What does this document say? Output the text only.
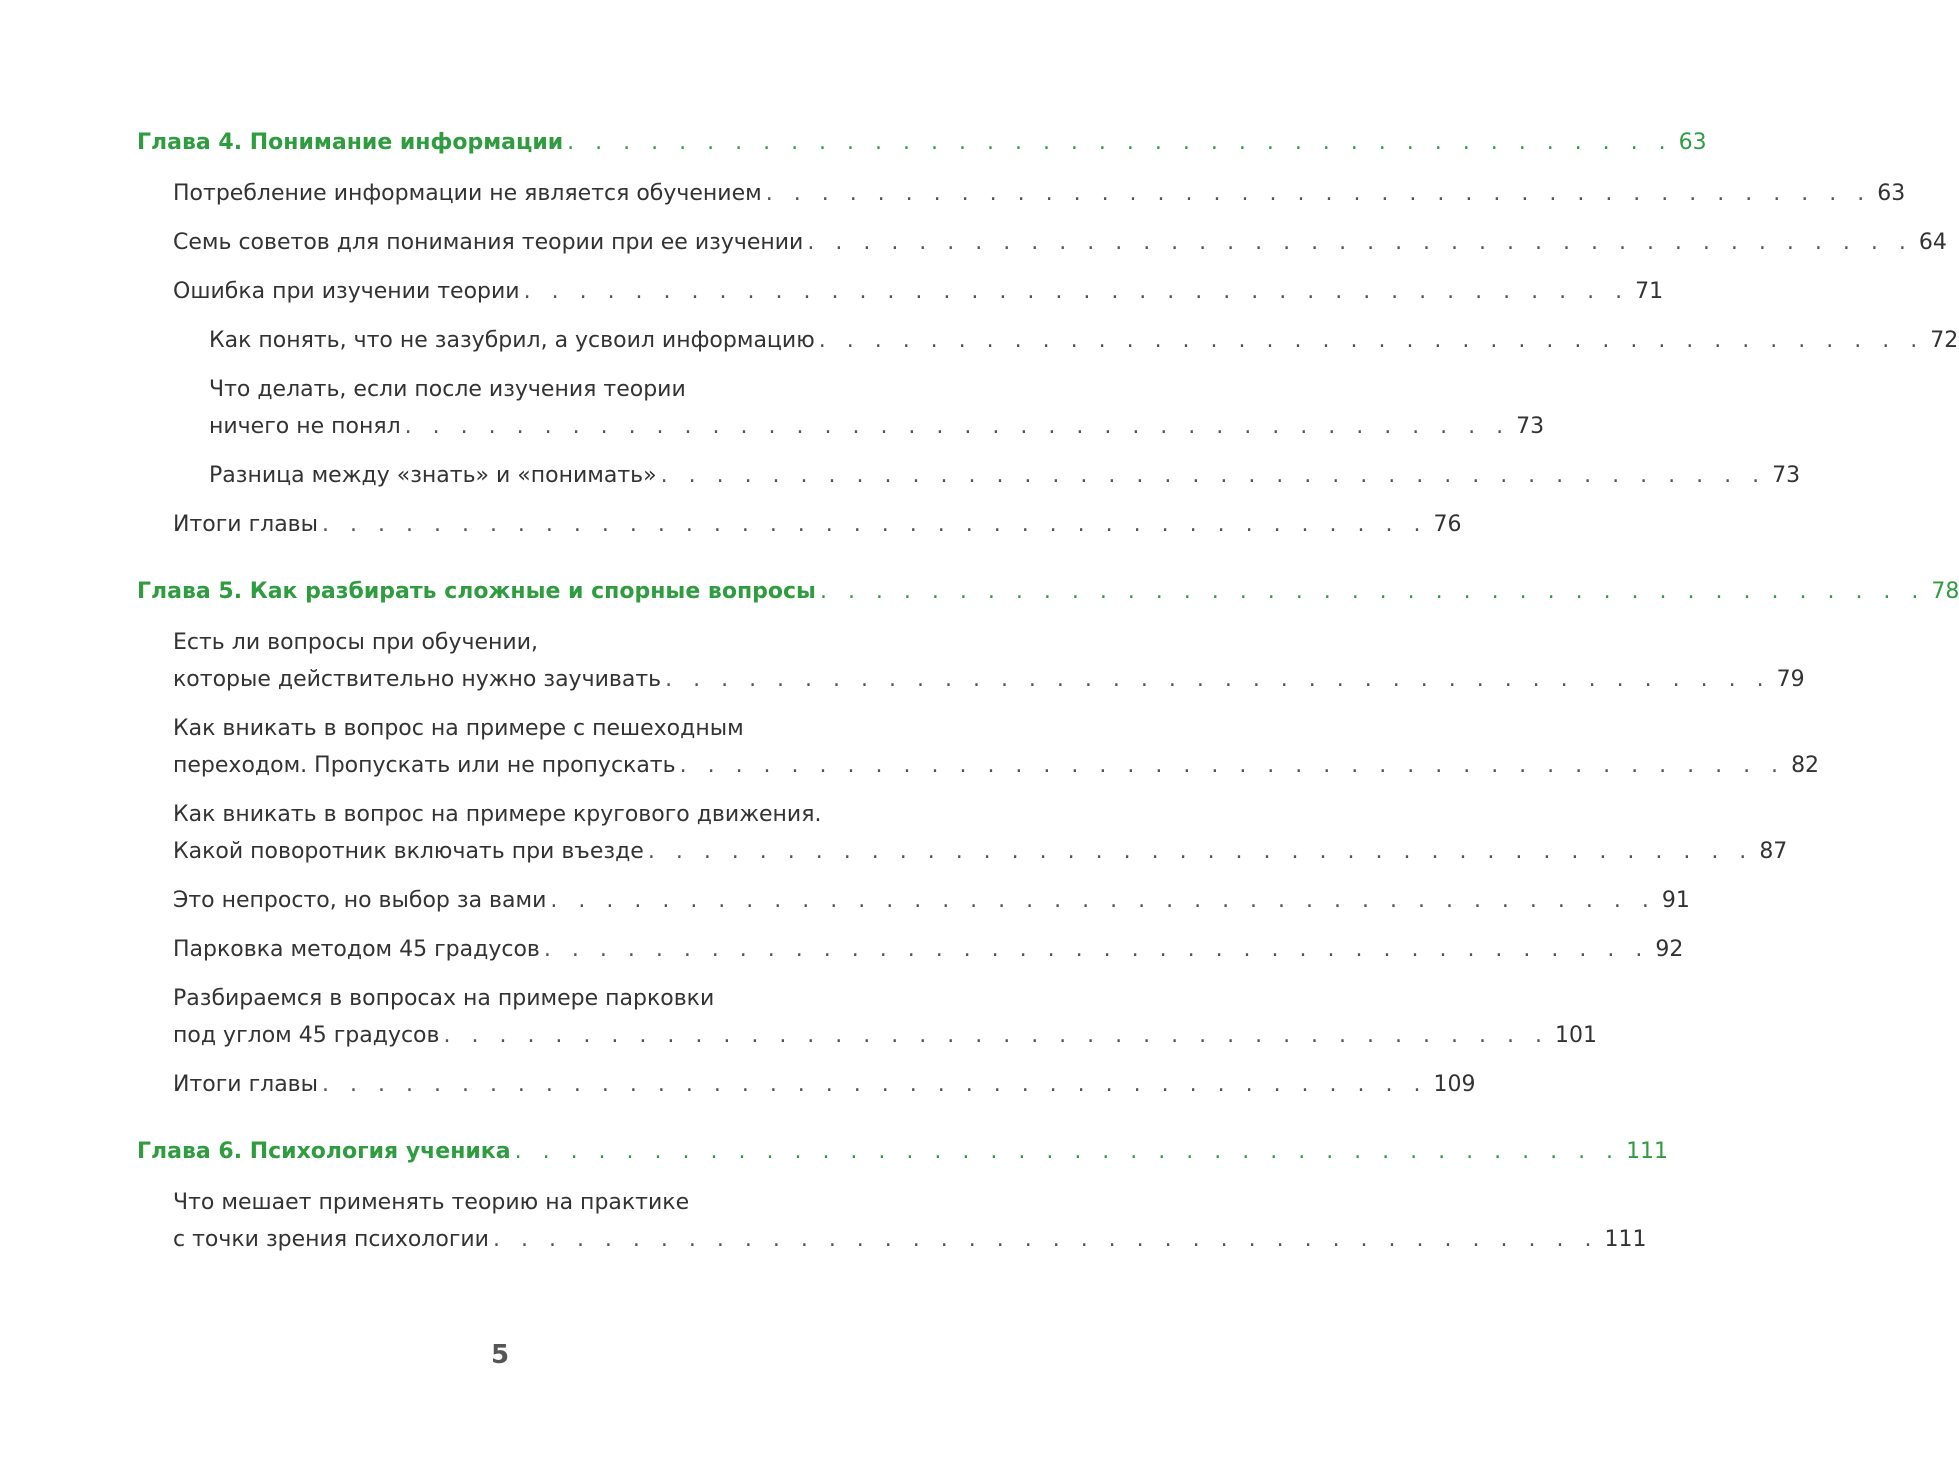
Глава 4. Понимание информации . . . . . . . . . . . . . . . . . . . . . . . . . . . . . . . . . . . . . . . . 63
Потребление информации не является обучением . . . . . . . . . . . . . . . . . . . . . . . . . . . . . . . . . . . . . . . . 63
Семь советов для понимания теории при ее изучении . . . . . . . . . . . . . . . . . . . . . . . . . . . . . . . . . . . . . . . . 64
Ошибка при изучении теории . . . . . . . . . . . . . . . . . . . . . . . . . . . . . . . . . . . . . . . . 71
Как понять, что не зазубрил, а усвоил информацию . . . . . . . . . . . . . . . . . . . . . . . . . . . . . . . . . . . . . . . . 72
Что делать, если после изучения теории
ничего не понял . . . . . . . . . . . . . . . . . . . . . . . . . . . . . . . . . . . . . . . . 73
Разница между «знать» и «понимать» . . . . . . . . . . . . . . . . . . . . . . . . . . . . . . . . . . . . . . . . 73
Итоги главы . . . . . . . . . . . . . . . . . . . . . . . . . . . . . . . . . . . . . . . . 76
Глава 5. Как разбирать сложные и спорные вопросы . . . . . . . . . . . . . . . . . . . . . . . . . . . . . . . . . . . . . . . . 78
Есть ли вопросы при обучении,
которые действительно нужно заучивать . . . . . . . . . . . . . . . . . . . . . . . . . . . . . . . . . . . . . . . . 79
Как вникать в вопрос на примере с пешеходным
переходом. Пропускать или не пропускать . . . . . . . . . . . . . . . . . . . . . . . . . . . . . . . . . . . . . . . . 82
Как вникать в вопрос на примере кругового движения.
Какой поворотник включать при въезде . . . . . . . . . . . . . . . . . . . . . . . . . . . . . . . . . . . . . . . . 87
Это непросто, но выбор за вами . . . . . . . . . . . . . . . . . . . . . . . . . . . . . . . . . . . . . . . . 91
Парковка методом 45 градусов . . . . . . . . . . . . . . . . . . . . . . . . . . . . . . . . . . . . . . . . 92
Разбираемся в вопросах на примере парковки
под углом 45 градусов . . . . . . . . . . . . . . . . . . . . . . . . . . . . . . . . . . . . . . . . 101
Итоги главы . . . . . . . . . . . . . . . . . . . . . . . . . . . . . . . . . . . . . . . . 109
Глава 6. Психология ученика . . . . . . . . . . . . . . . . . . . . . . . . . . . . . . . . . . . . . . . . 111
Что мешает применять теорию на практике
с точки зрения психологии . . . . . . . . . . . . . . . . . . . . . . . . . . . . . . . . . . . . . . . . 111
5
